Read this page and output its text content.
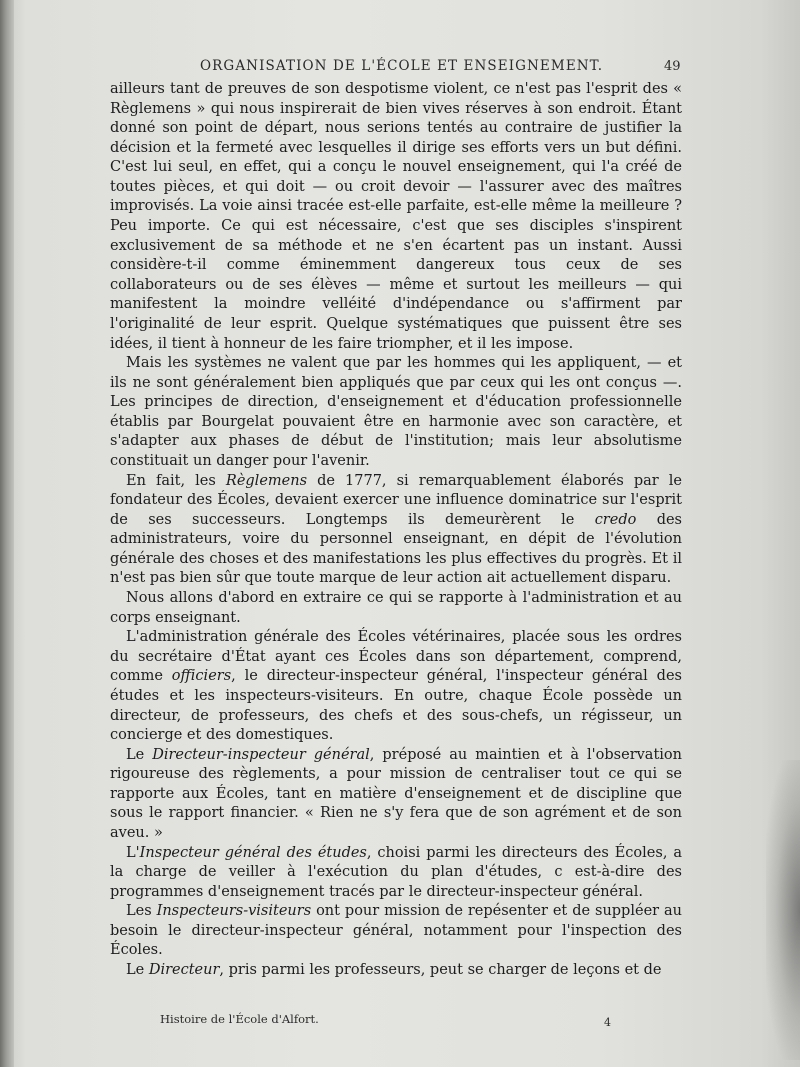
ORGANISATION DE L'ÉCOLE ET ENSEIGNEMENT.	49

ailleurs tant de preuves de son despotisme violent, ce n'est pas l'esprit des « Règlemens » qui nous inspirerait de bien vives réserves à son endroit. Étant donné son point de départ, nous serions tentés au contraire de justifier la décision et la fermeté avec lesquelles il dirige ses efforts vers un but défini. C'est lui seul, en effet, qui a conçu le nouvel enseignement, qui l'a créé de toutes pièces, et qui doit — ou croit devoir — l'assurer avec des maîtres improvisés. La voie ainsi tracée est-elle parfaite, est-elle même la meilleure ? Peu importe. Ce qui est nécessaire, c'est que ses disciples s'inspirent exclusivement de sa méthode et ne s'en écartent pas un instant. Aussi considère-t-il comme éminemment dangereux tous ceux de ses collaborateurs ou de ses élèves — même et surtout les meilleurs — qui manifestent la moindre velléité d'indépendance ou s'affirment par l'originalité de leur esprit. Quelque systématiques que puissent être ses idées, il tient à honneur de les faire triompher, et il les impose.

Mais les systèmes ne valent que par les hommes qui les appliquent, — et ils ne sont généralement bien appliqués que par ceux qui les ont conçus —. Les principes de direction, d'enseignement et d'éducation professionnelle établis par Bourgelat pouvaient être en harmonie avec son caractère, et s'adapter aux phases de début de l'institution; mais leur absolutisme constituait un danger pour l'avenir.

En fait, les Règlemens de 1777, si remarquablement élaborés par le fondateur des Écoles, devaient exercer une influence dominatrice sur l'esprit de ses successeurs. Longtemps ils demeurèrent le credo des administrateurs, voire du personnel enseignant, en dépit de l'évolution générale des choses et des manifestations les plus effectives du progrès. Et il n'est pas bien sûr que toute marque de leur action ait actuellement disparu.

Nous allons d'abord en extraire ce qui se rapporte à l'administration et au corps enseignant.

L'administration générale des Écoles vétérinaires, placée sous les ordres du secrétaire d'État ayant ces Écoles dans son département, comprend, comme officiers, le directeur-inspecteur général, l'inspecteur général des études et les inspecteurs-visiteurs. En outre, chaque École possède un directeur, de professeurs, des chefs et des sous-chefs, un régisseur, un concierge et des domestiques.

Le Directeur-inspecteur général, préposé au maintien et à l'observation rigoureuse des règlements, a pour mission de centraliser tout ce qui se rapporte aux Écoles, tant en matière d'enseignement et de discipline que sous le rapport financier. « Rien ne s'y fera que de son agrément et de son aveu. »

L'Inspecteur général des études, choisi parmi les directeurs des Écoles, a la charge de veiller à l'exécution du plan d'études, c est-à-dire des programmes d'enseignement tracés par le directeur-inspecteur général.

Les Inspecteurs-visiteurs ont pour mission de repésenter et de suppléer au besoin le directeur-inspecteur général, notamment pour l'inspection des Écoles.

Le Directeur, pris parmi les professeurs, peut se charger de leçons et de

Histoire de l'École d'Alfort.	4
